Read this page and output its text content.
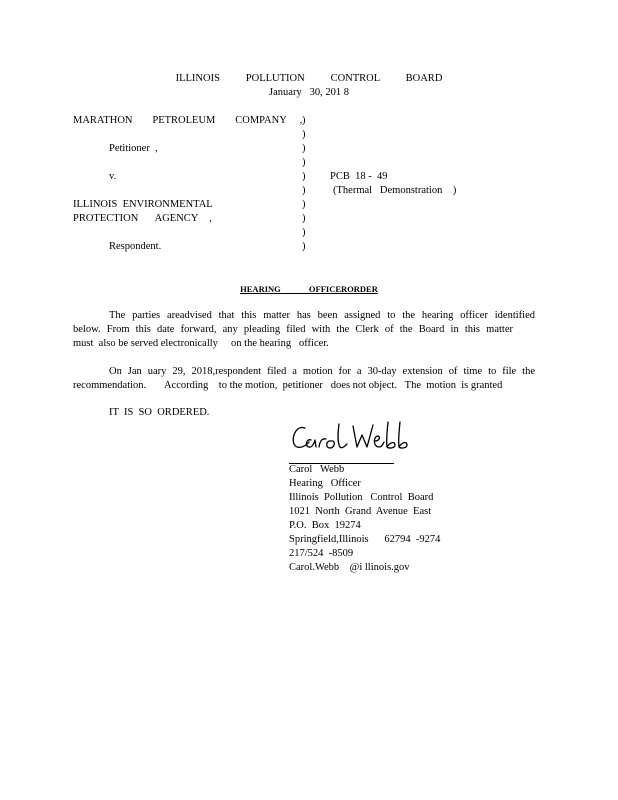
ILLINOIS   POLLUTION   CONTROL   BOARD
January   30, 201 8
MARATHON   PETROLEUM   COMPANY  ,
Petitioner  ,
v.
ILLINOIS  ENVIRONMENTAL
PROTECTION   AGENCY  ,
Respondent.
)
)
)
)
)
)
)
)
)
)
PCB  18 -  49
(Thermal   Demonstration    )
HEARING OFFICERORDER
The parties areadvised that this matter has been assigned to the hearing officer identified
below. From this date forward, any pleading filed with the Clerk of the Board in this matter
must  also be served electronically     on the hearing   officer.
On Jan uary 29, 2018,respondent filed a motion for a 30-day extension of time to file the
recommendation.       According    to the motion,  petitioner   does not object.   The  motion  is granted
IT  IS  SO  ORDERED.
Carol   Webb
Hearing   Officer
Illinois  Pollution   Control  Board
1021  North  Grand  Avenue  East
P.O.  Box  19274
Springfield,Illinois      62794  -9274
217/524  -8509
Carol.Webb    @i llinois.gov
